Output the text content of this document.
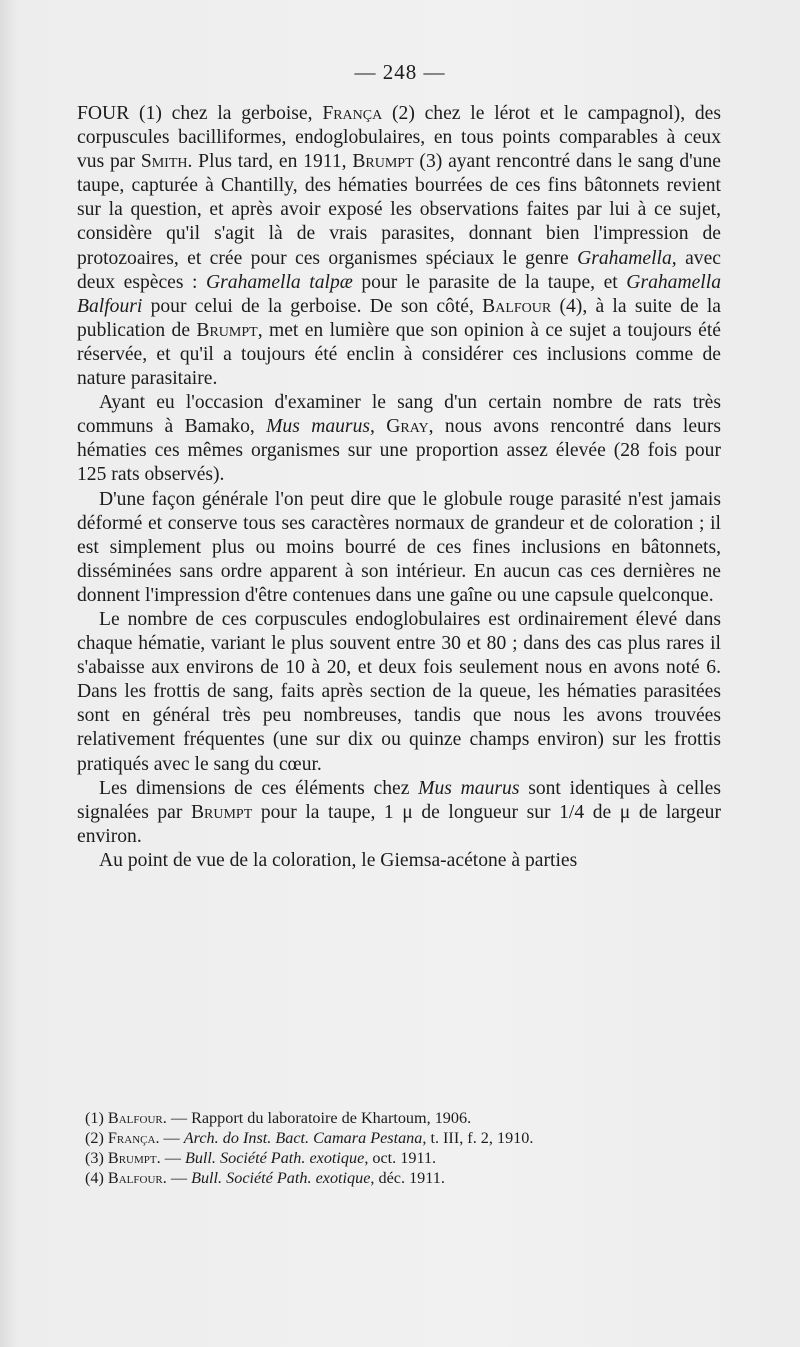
— 248 —

FOUR (1) chez la gerboise, França (2) chez le lérot et le campagnol), des corpuscules bacilliformes, endoglobulaires, en tous points comparables à ceux vus par Smith. Plus tard, en 1911, Brumpt (3) ayant rencontré dans le sang d'une taupe, capturée à Chantilly, des hématies bourrées de ces fins bâtonnets revient sur la question, et après avoir exposé les observations faites par lui à ce sujet, considère qu'il s'agit là de vrais parasites, donnant bien l'impression de protozoaires, et crée pour ces organismes spéciaux le genre Grahamella, avec deux espèces : Grahamella talpæ pour le parasite de la taupe, et Grahamella Balfouri pour celui de la gerboise. De son côté, Balfour (4), à la suite de la publication de Brumpt, met en lumière que son opinion à ce sujet a toujours été réservée, et qu'il a toujours été enclin à considérer ces inclusions comme de nature parasitaire.

Ayant eu l'occasion d'examiner le sang d'un certain nombre de rats très communs à Bamako, Mus maurus, Gray, nous avons rencontré dans leurs hématies ces mêmes organismes sur une proportion assez élevée (28 fois pour 125 rats observés).

D'une façon générale l'on peut dire que le globule rouge parasité n'est jamais déformé et conserve tous ses caractères normaux de grandeur et de coloration ; il est simplement plus ou moins bourré de ces fines inclusions en bâtonnets, disséminées sans ordre apparent à son intérieur. En aucun cas ces dernières ne donnent l'impression d'être contenues dans une gaîne ou une capsule quelconque.

Le nombre de ces corpuscules endoglobulaires est ordinairement élevé dans chaque hématie, variant le plus souvent entre 30 et 80 ; dans des cas plus rares il s'abaisse aux environs de 10 à 20, et deux fois seulement nous en avons noté 6. Dans les frottis de sang, faits après section de la queue, les hématies parasitées sont en général très peu nombreuses, tandis que nous les avons trouvées relativement fréquentes (une sur dix ou quinze champs environ) sur les frottis pratiqués avec le sang du cœur.

Les dimensions de ces éléments chez Mus maurus sont identiques à celles signalées par Brumpt pour la taupe, 1 μ de longueur sur 1/4 de μ de largeur environ.

Au point de vue de la coloration, le Giemsa-acétone à parties

(1) Balfour. — Rapport du laboratoire de Khartoum, 1906.
(2) França. — Arch. do Inst. Bact. Camara Pestana, t. III, f. 2, 1910.
(3) Brumpt. — Bull. Société Path. exotique, oct. 1911.
(4) Balfour. — Bull. Société Path. exotique, déc. 1911.
